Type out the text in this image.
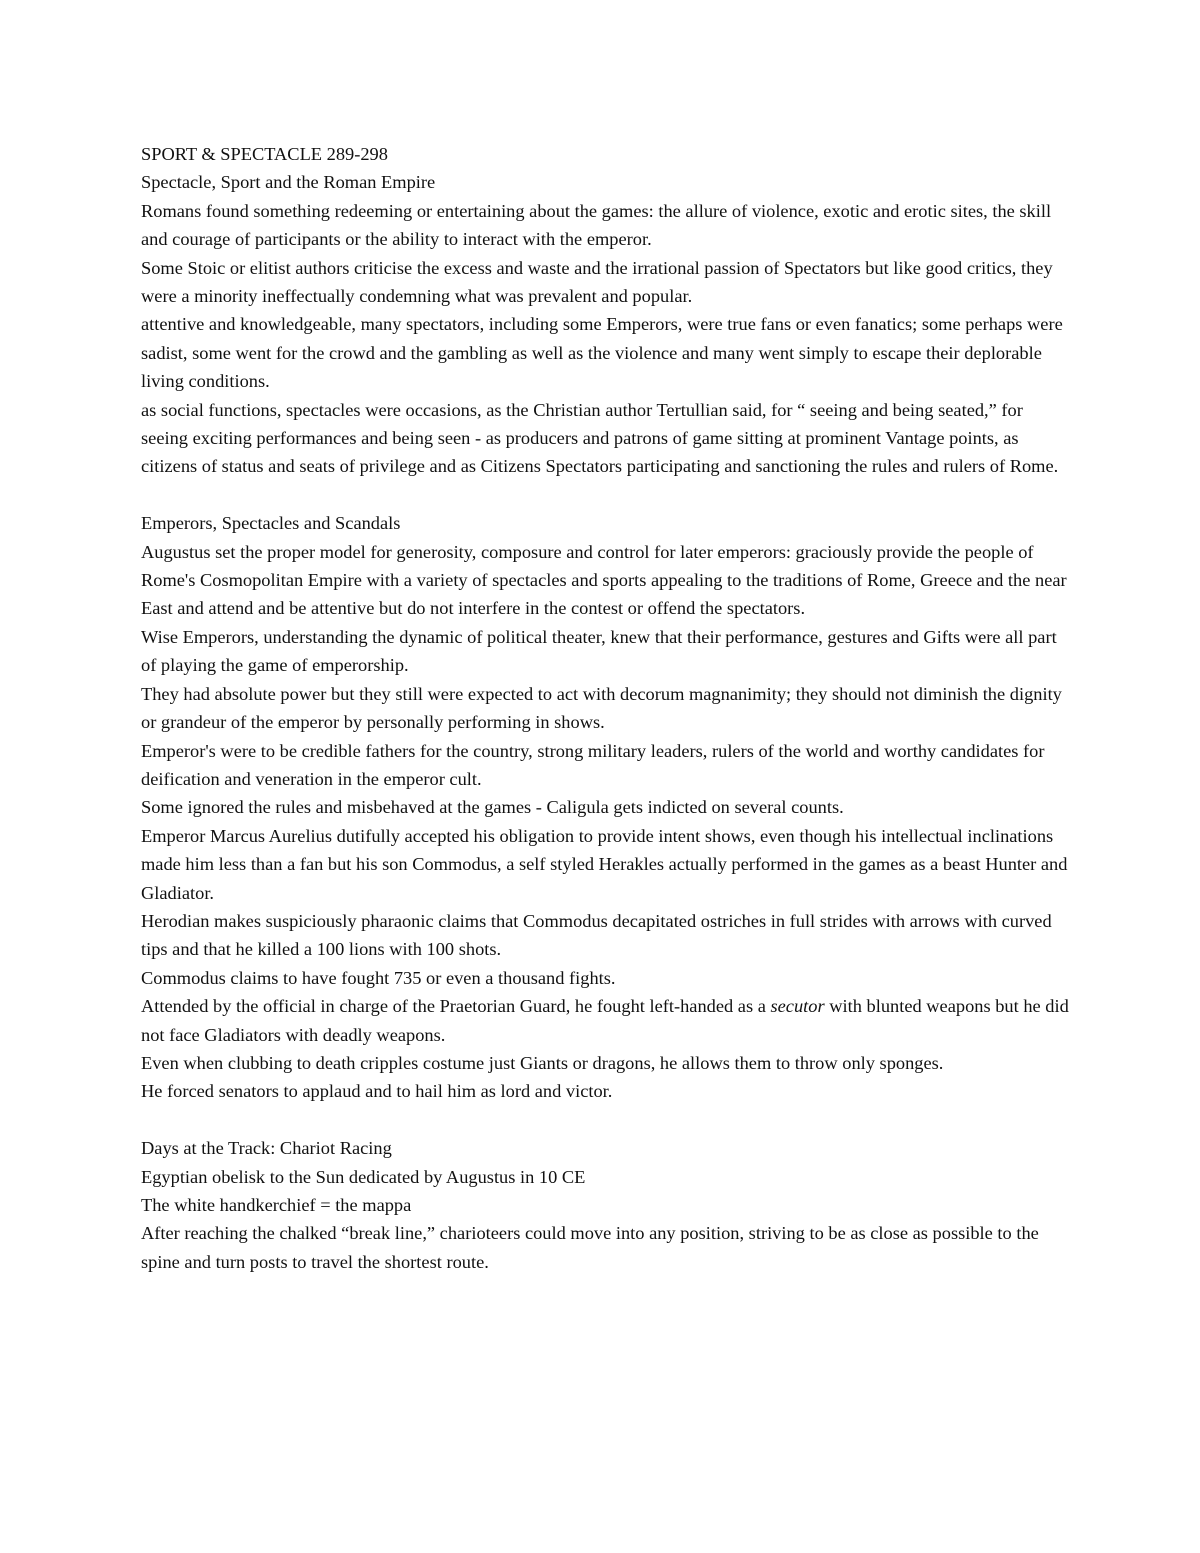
SPORT & SPECTACLE 289-298

Spectacle, Sport and the Roman Empire

Romans found something redeeming or entertaining about the games: the allure of violence, exotic and erotic sites, the skill and courage of participants or the ability to interact with the emperor.

Some Stoic or elitist authors criticise the excess and waste and the irrational passion of Spectators but like good critics, they were a minority ineffectually condemning what was prevalent and popular.

attentive and knowledgeable, many spectators, including some Emperors, were true fans or even fanatics; some perhaps were sadist, some went for the crowd and the gambling as well as the violence and many went simply to escape their deplorable living conditions.

as social functions, spectacles were occasions, as the Christian author Tertullian said, for “ seeing and being seated,” for seeing exciting performances and being seen - as producers and patrons of game sitting at prominent Vantage points, as citizens of status and seats of privilege and as Citizens Spectators participating and sanctioning the rules and rulers of Rome.

Emperors, Spectacles and Scandals

Augustus set the proper model for generosity, composure and control for later emperors: graciously provide the people of Rome's Cosmopolitan Empire with a variety of spectacles and sports appealing to the traditions of Rome, Greece and the near East and attend and be attentive but do not interfere in the contest or offend the spectators.

Wise Emperors, understanding the dynamic of political theater, knew that their performance, gestures and Gifts were all part of playing the game of emperorship.

They had absolute power but they still were expected to act with decorum magnanimity; they should not diminish the dignity or grandeur of the emperor by personally performing in shows.

Emperor's were to be credible fathers for the country, strong military leaders, rulers of the world and worthy candidates for deification and veneration in the emperor cult.

Some ignored the rules and misbehaved at the games - Caligula gets indicted on several counts.

Emperor Marcus Aurelius dutifully accepted his obligation to provide intent shows, even though his intellectual inclinations made him less than a fan but his son Commodus, a self styled Herakles actually performed in the games as a beast Hunter and Gladiator.

Herodian makes suspiciously pharaonic claims that Commodus decapitated ostriches in full strides with arrows with curved tips and that he killed a 100 lions with 100 shots.

Commodus claims to have fought 735 or even a thousand fights.

Attended by the official in charge of the Praetorian Guard, he fought left-handed as a secutor with blunted weapons but he did not face Gladiators with deadly weapons.

Even when clubbing to death cripples costume just Giants or dragons, he allows them to throw only sponges.

He forced senators to applaud and to hail him as lord and victor.

Days at the Track: Chariot Racing

Egyptian obelisk to the Sun dedicated by Augustus in 10 CE

The white handkerchief = the mappa

After reaching the chalked “break line,” charioteers could move into any position, striving to be as close as possible to the spine and turn posts to travel the shortest route.
